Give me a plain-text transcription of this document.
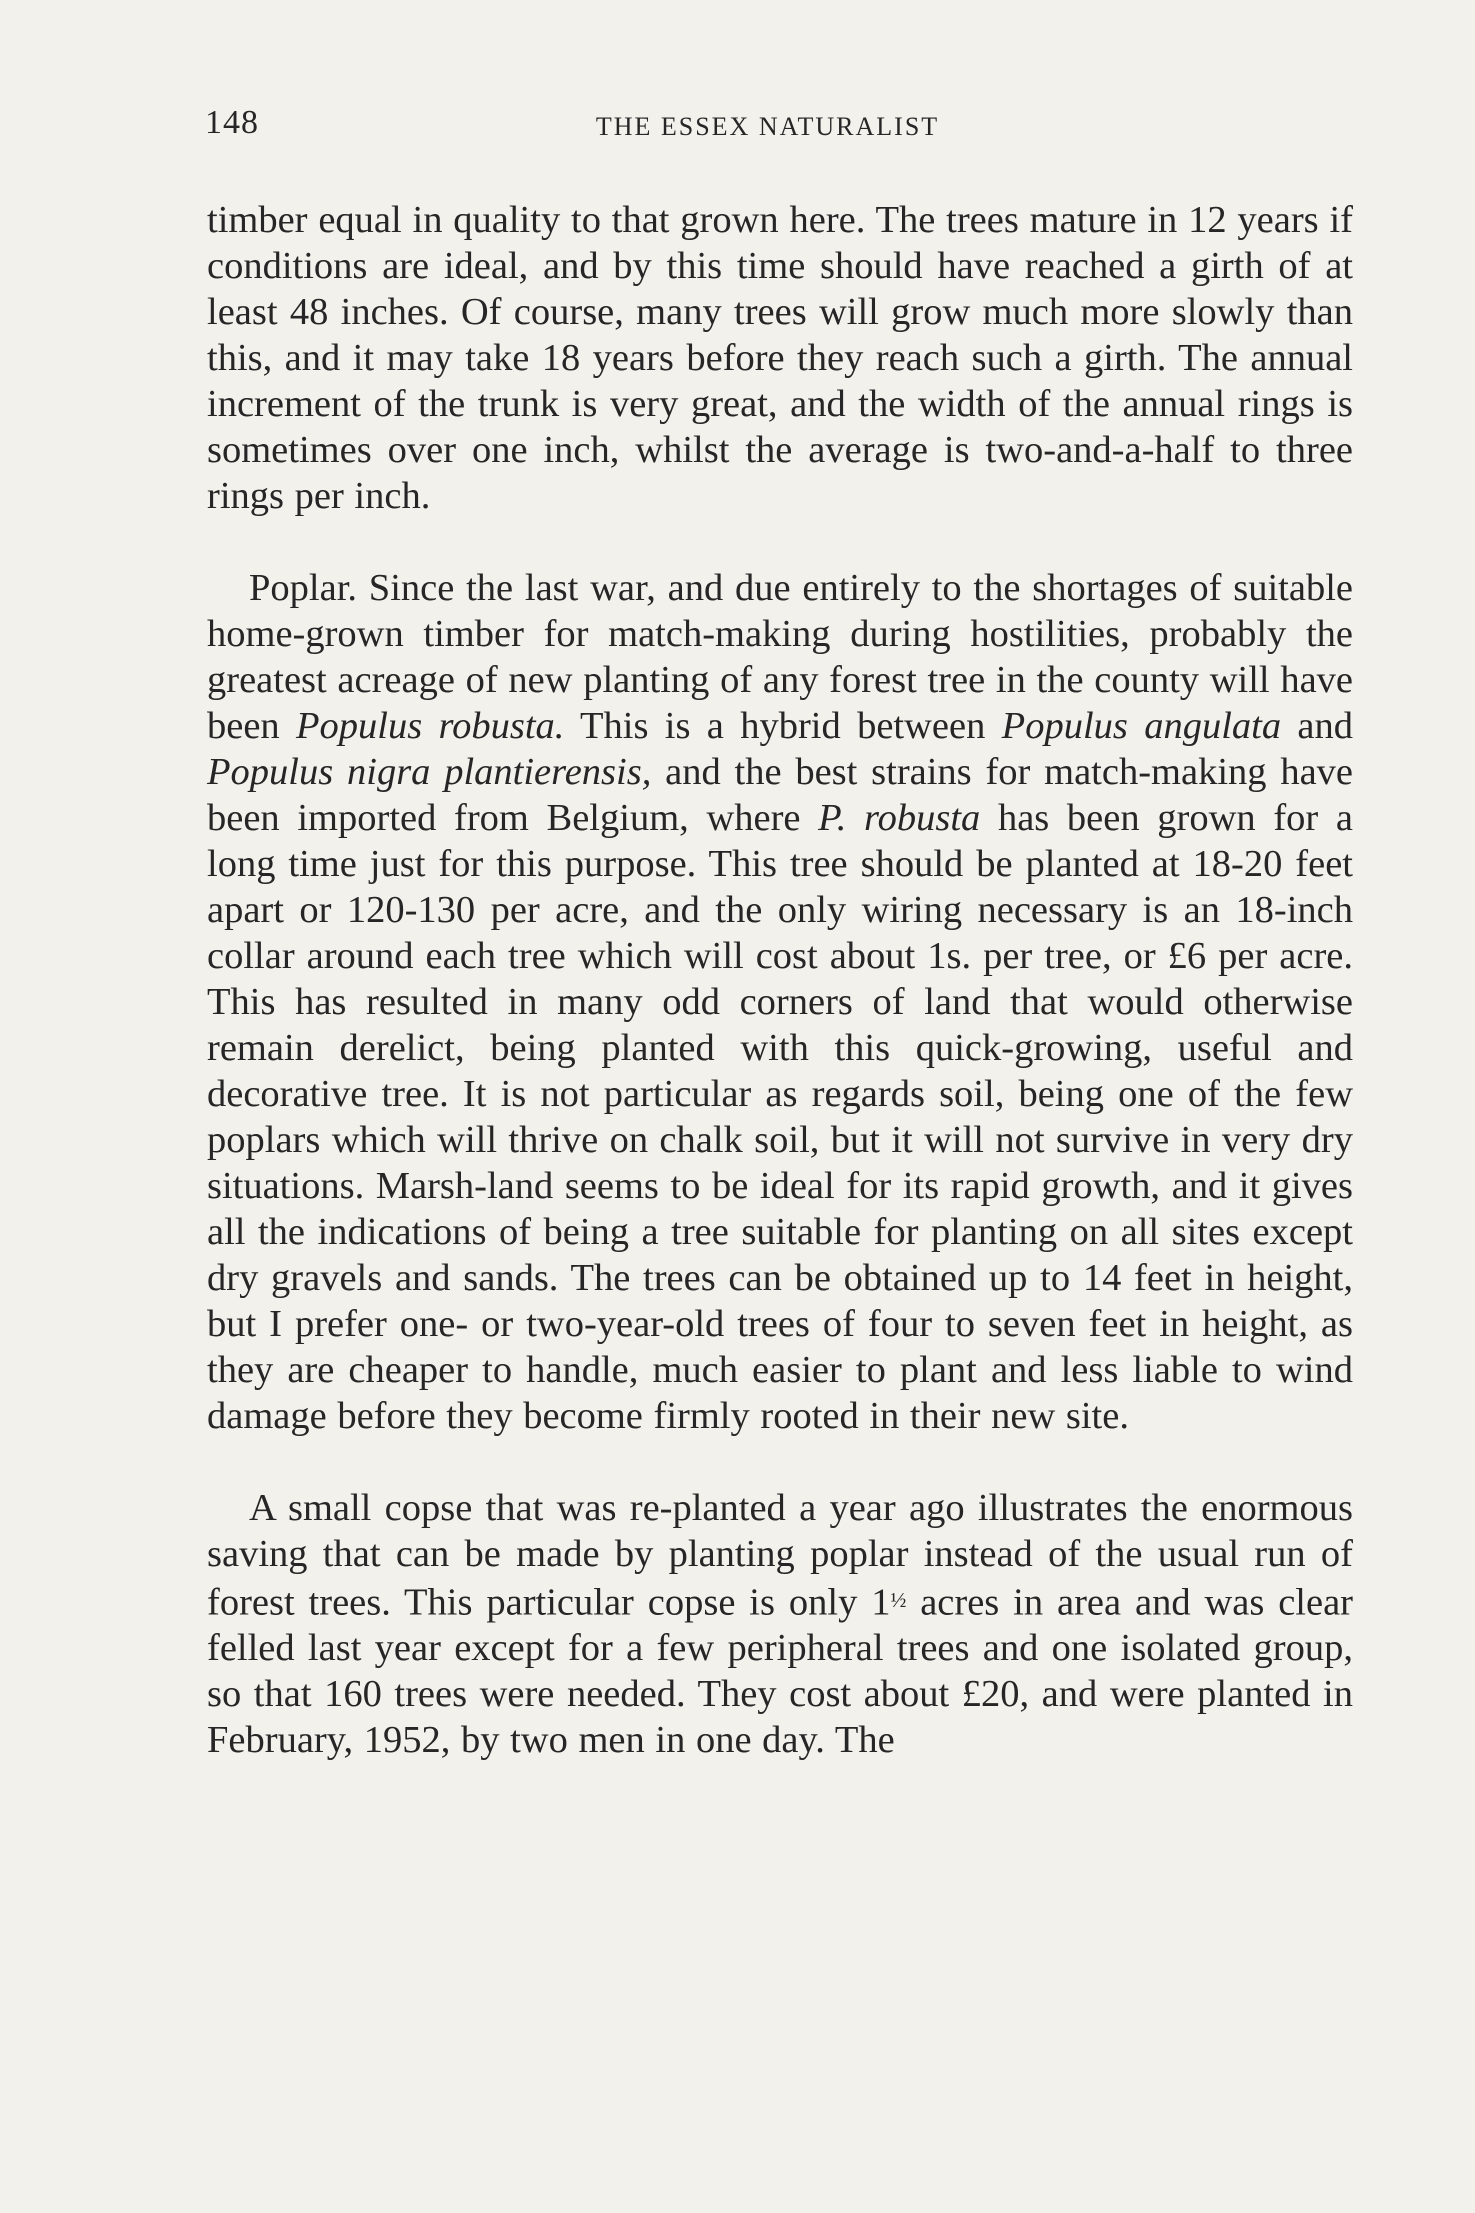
148	THE ESSEX NATURALIST

timber equal in quality to that grown here. The trees mature in 12 years if conditions are ideal, and by this time should have reached a girth of at least 48 inches. Of course, many trees will grow much more slowly than this, and it may take 18 years before they reach such a girth. The annual increment of the trunk is very great, and the width of the annual rings is sometimes over one inch, whilst the average is two-and-a-half to three rings per inch.

Poplar. Since the last war, and due entirely to the shortages of suitable home-grown timber for match-making during hostilities, probably the greatest acreage of new planting of any forest tree in the county will have been Populus robusta. This is a hybrid between Populus angulata and Populus nigra plantierensis, and the best strains for match-making have been imported from Belgium, where P. robusta has been grown for a long time just for this purpose. This tree should be planted at 18-20 feet apart or 120-130 per acre, and the only wiring necessary is an 18-inch collar around each tree which will cost about 1s. per tree, or £6 per acre. This has resulted in many odd corners of land that would otherwise remain derelict, being planted with this quick-growing, useful and decorative tree. It is not particular as regards soil, being one of the few poplars which will thrive on chalk soil, but it will not survive in very dry situations. Marsh-land seems to be ideal for its rapid growth, and it gives all the indications of being a tree suitable for planting on all sites except dry gravels and sands. The trees can be obtained up to 14 feet in height, but I prefer one- or two-year-old trees of four to seven feet in height, as they are cheaper to handle, much easier to plant and less liable to wind damage before they become firmly rooted in their new site.

A small copse that was re-planted a year ago illustrates the enormous saving that can be made by planting poplar instead of the usual run of forest trees. This particular copse is only 1½ acres in area and was clear felled last year except for a few peripheral trees and one isolated group, so that 160 trees were needed. They cost about £20, and were planted in February, 1952, by two men in one day. The
